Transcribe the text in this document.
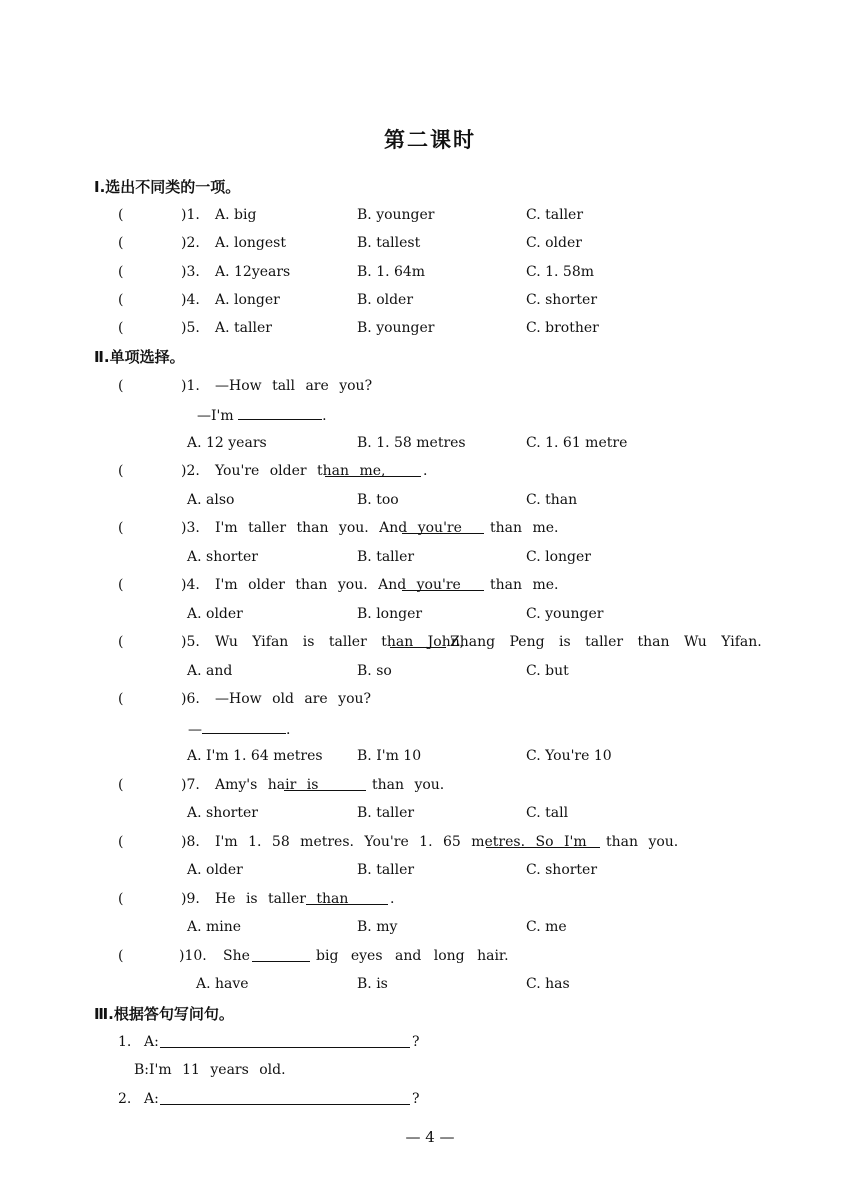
第二课时
Ⅰ.选出不同类的一项。
(	)1. A. big	B. younger	C. taller
(	)2. A. longest	B. tallest	C. older
(	)3. A. 12years	B. 1. 64m	C. 1. 58m
(	)4. A. longer	B. older	C. shorter
(	)5. A. taller	B. younger	C. brother
Ⅱ.单项选择。
(	)1. —How tall are you?
—I'm	.
A. 12 years	B. 1. 58 metres	C. 1. 61 metre
(	)2. You're older than me,	.
A. also	B. too	C. than
(	)3. I'm taller than you. And you're than me.
A. shorter	B. taller	C. longer
(	)4. I'm older than you. And you're than me.
A. older	B. longer	C. younger
(	)5. Wu Yifan is taller than John,
Zhang Peng is taller than Wu Yifan.
A. and	B. so	C. but
(	)6. —How old are you?
—	.
A. I'm 1. 64 metres B. I'm 10	C. You're 10
(	)7. Amy's hair is	than you.
A. shorter	B. taller	C. tall
(	)8. I'm 1. 58 metres. You're 1. 65 metres. So I'm than you.
A. older	B. taller	C. shorter
(	)9. He is taller than	.
A. mine	B. my	C. me
(	)10. She	big eyes and long hair.
A. have	B. is	C. has
Ⅲ.根据答句写问句。
1. A:	?
B:I'm 11 years old.
2. A:	?
— 4 —
